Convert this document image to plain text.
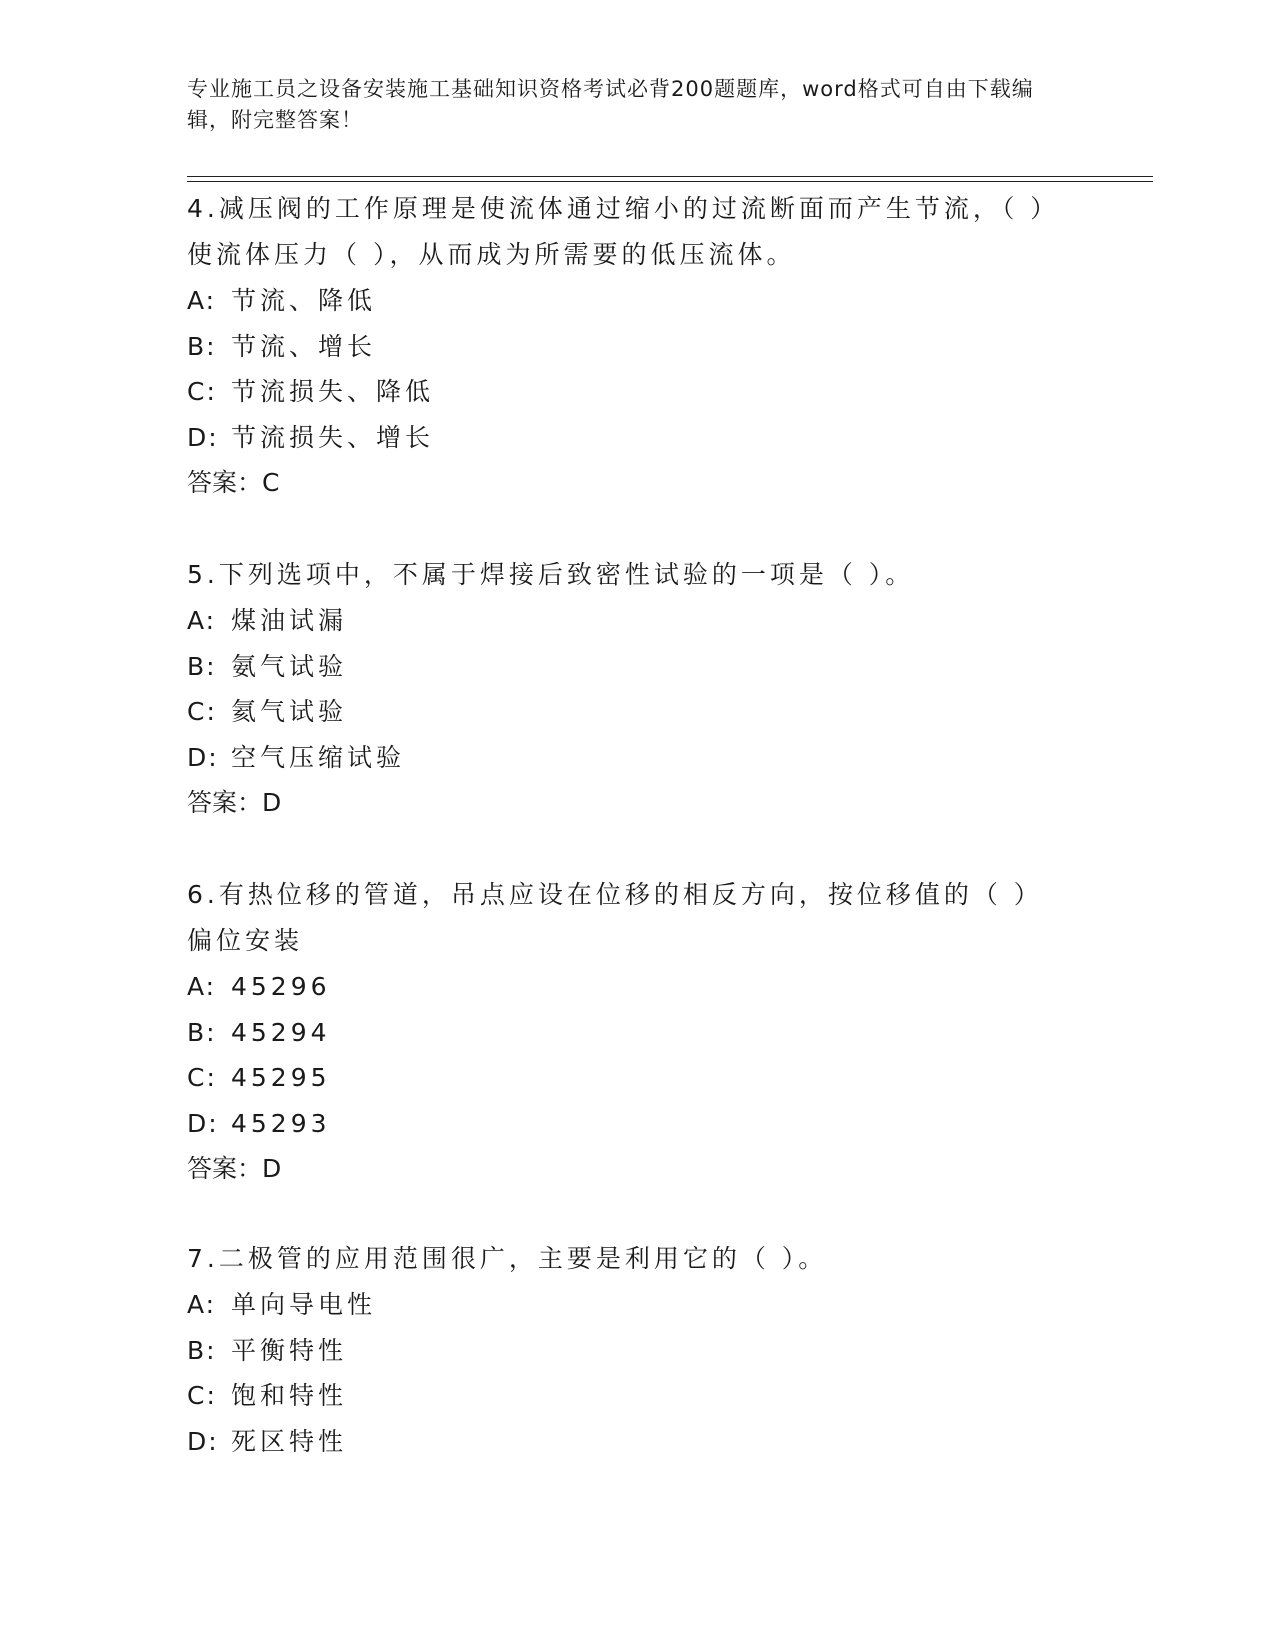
专业施工员之设备安装施工基础知识资格考试必背200题题库，word格式可自由下载编辑，附完整答案！
4.减压阀的工作原理是使流体通过缩小的过流断面而产生节流，（ ）使流体压力（ ），从而成为所需要的低压流体。
A: 节流、降低
B: 节流、增长
C: 节流损失、降低
D: 节流损失、增长
答案：C
5.下列选项中，不属于焊接后致密性试验的一项是（ ）。
A: 煤油试漏
B: 氨气试验
C: 氦气试验
D: 空气压缩试验
答案：D
6.有热位移的管道，吊点应设在位移的相反方向，按位移值的（ ）偏位安装
A: 45296
B: 45294
C: 45295
D: 45293
答案：D
7.二极管的应用范围很广，主要是利用它的（ ）。
A: 单向导电性
B: 平衡特性
C: 饱和特性
D: 死区特性
